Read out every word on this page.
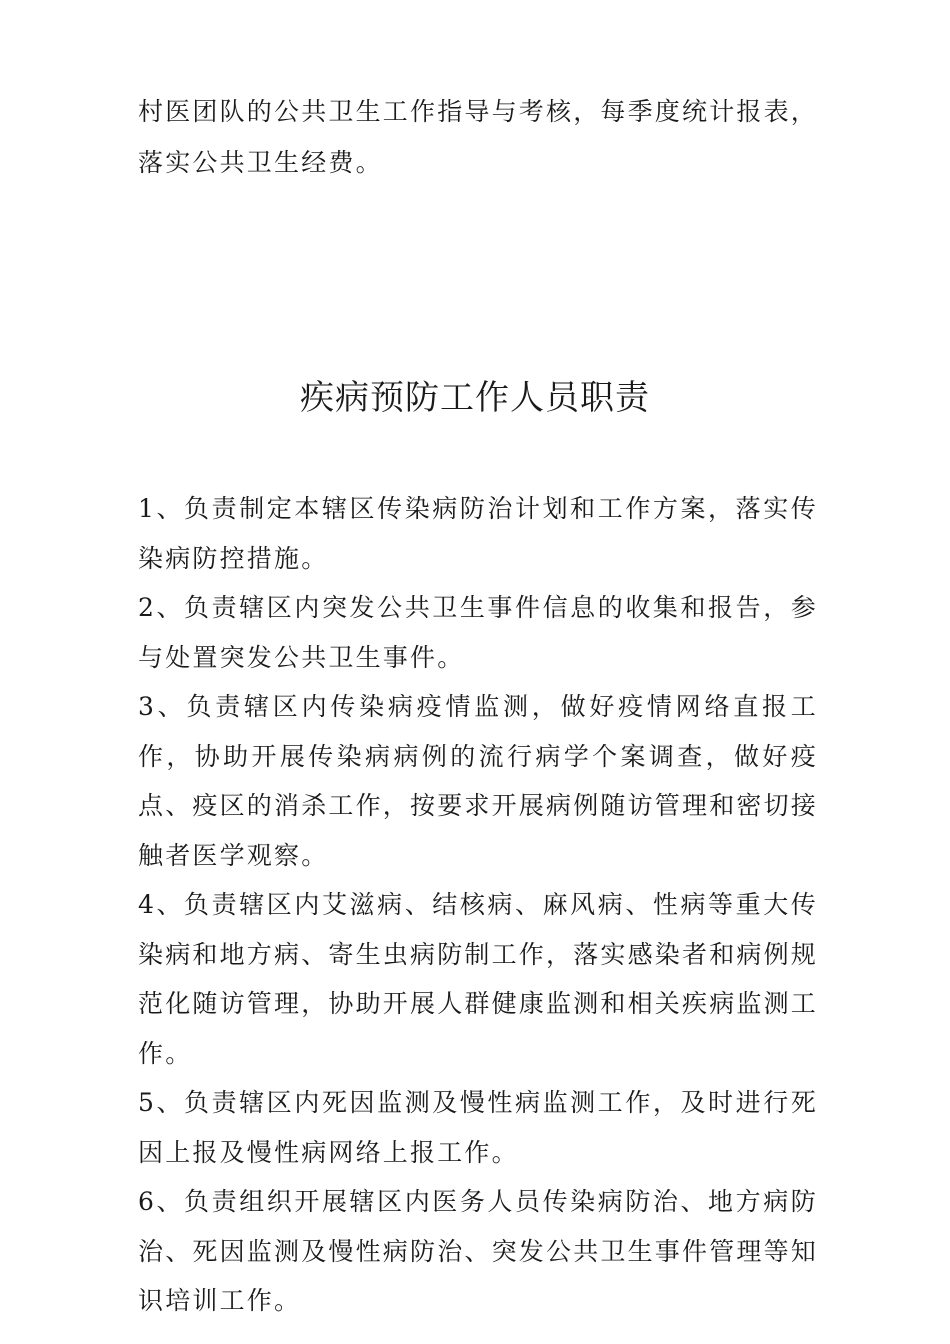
村医团队的公共卫生工作指导与考核，每季度统计报表，落实公共卫生经费。

疾病预防工作人员职责
1、负责制定本辖区传染病防治计划和工作方案，落实传染病防控措施。
2、负责辖区内突发公共卫生事件信息的收集和报告，参与处置突发公共卫生事件。
3、负责辖区内传染病疫情监测，做好疫情网络直报工作，协助开展传染病病例的流行病学个案调查，做好疫点、疫区的消杀工作，按要求开展病例随访管理和密切接触者医学观察。
4、负责辖区内艾滋病、结核病、麻风病、性病等重大传染病和地方病、寄生虫病防制工作，落实感染者和病例规范化随访管理，协助开展人群健康监测和相关疾病监测工作。
5、负责辖区内死因监测及慢性病监测工作，及时进行死因上报及慢性病网络上报工作。
6、负责组织开展辖区内医务人员传染病防治、地方病防治、死因监测及慢性病防治、突发公共卫生事件管理等知识培训工作。
